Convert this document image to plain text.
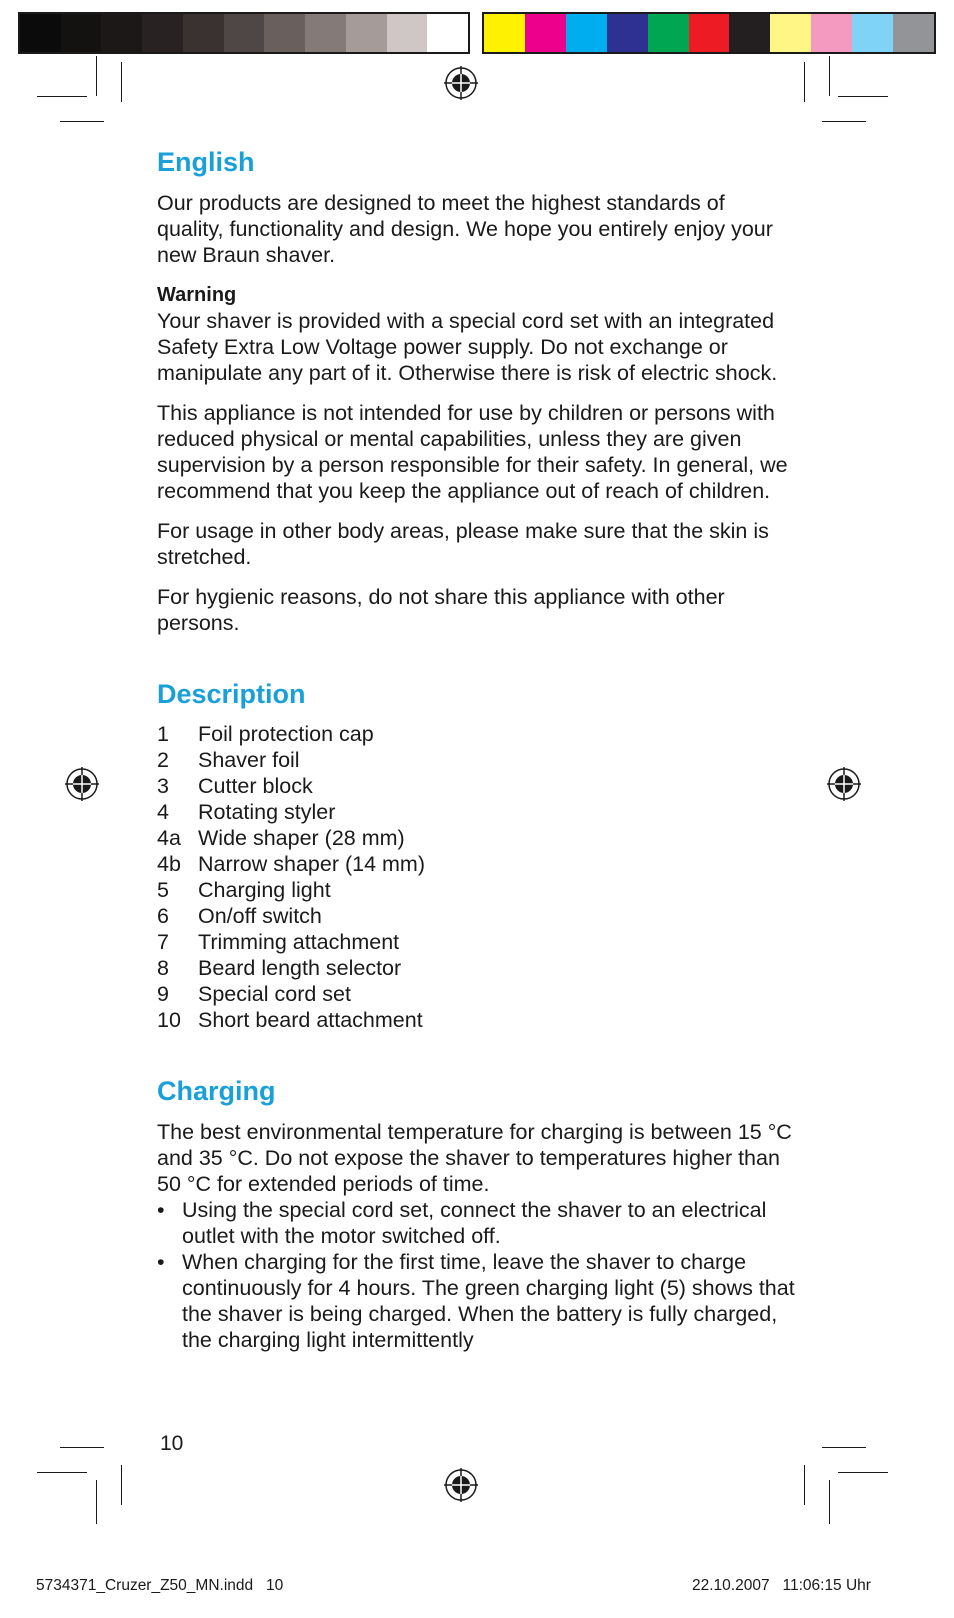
English

Our products are designed to meet the highest standards of quality, functionality and design. We hope you entirely enjoy your new Braun shaver.

Warning

Your shaver is provided with a special cord set with an integrated Safety Extra Low Voltage power supply. Do not exchange or manipulate any part of it. Otherwise there is risk of electric shock.

This appliance is not intended for use by children or persons with reduced physical or mental capabilities, unless they are given supervision by a person responsible for their safety. In general, we recommend that you keep the appliance out of reach of children.

For usage in other body areas, please make sure that the skin is stretched.

For hygienic reasons, do not share this appliance with other persons.

Description
1	Foil protection cap
2	Shaver foil
3	Cutter block
4	Rotating styler
4a Wide shaper (28 mm)
4b Narrow shaper (14 mm)
5	Charging light
6	On/off switch
7	Trimming attachment
8	Beard length selector
9	Special cord set
10 Short beard attachment
Charging

The best environmental temperature for charging is between 15 °C and 35 °C. Do not expose the shaver to temperatures higher than 50 °C for extended periods of time.

• Using the special cord set, connect the shaver to an electrical outlet with the motor switched off.
• When charging for the first time, leave the shaver to charge continuously for 4 hours. The green charging light (5) shows that the shaver is being charged. When the battery is fully charged, the charging light intermittently
10
5734371_Cruzer_Z50_MN.indd   10	22.10.2007   11:06:15 Uhr
